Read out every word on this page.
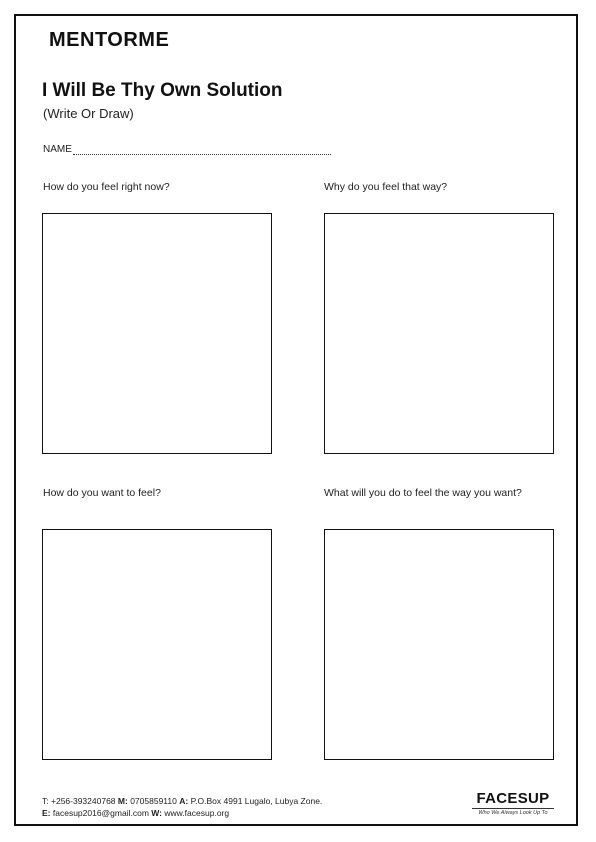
MENTORME
I Will Be Thy Own Solution
(Write Or Draw)
NAME
How do you feel right now?	Why do you feel that way?
How do you want to feel?	What will you do to feel the way you want?
T: +256-393240768 M: 0705859110 A: P.O.Box 4991 Lugalo, Lubya Zone.
E: facesup2016@gmail.com W: www.facesup.org
FACESUP
Who We Always Look Up To
